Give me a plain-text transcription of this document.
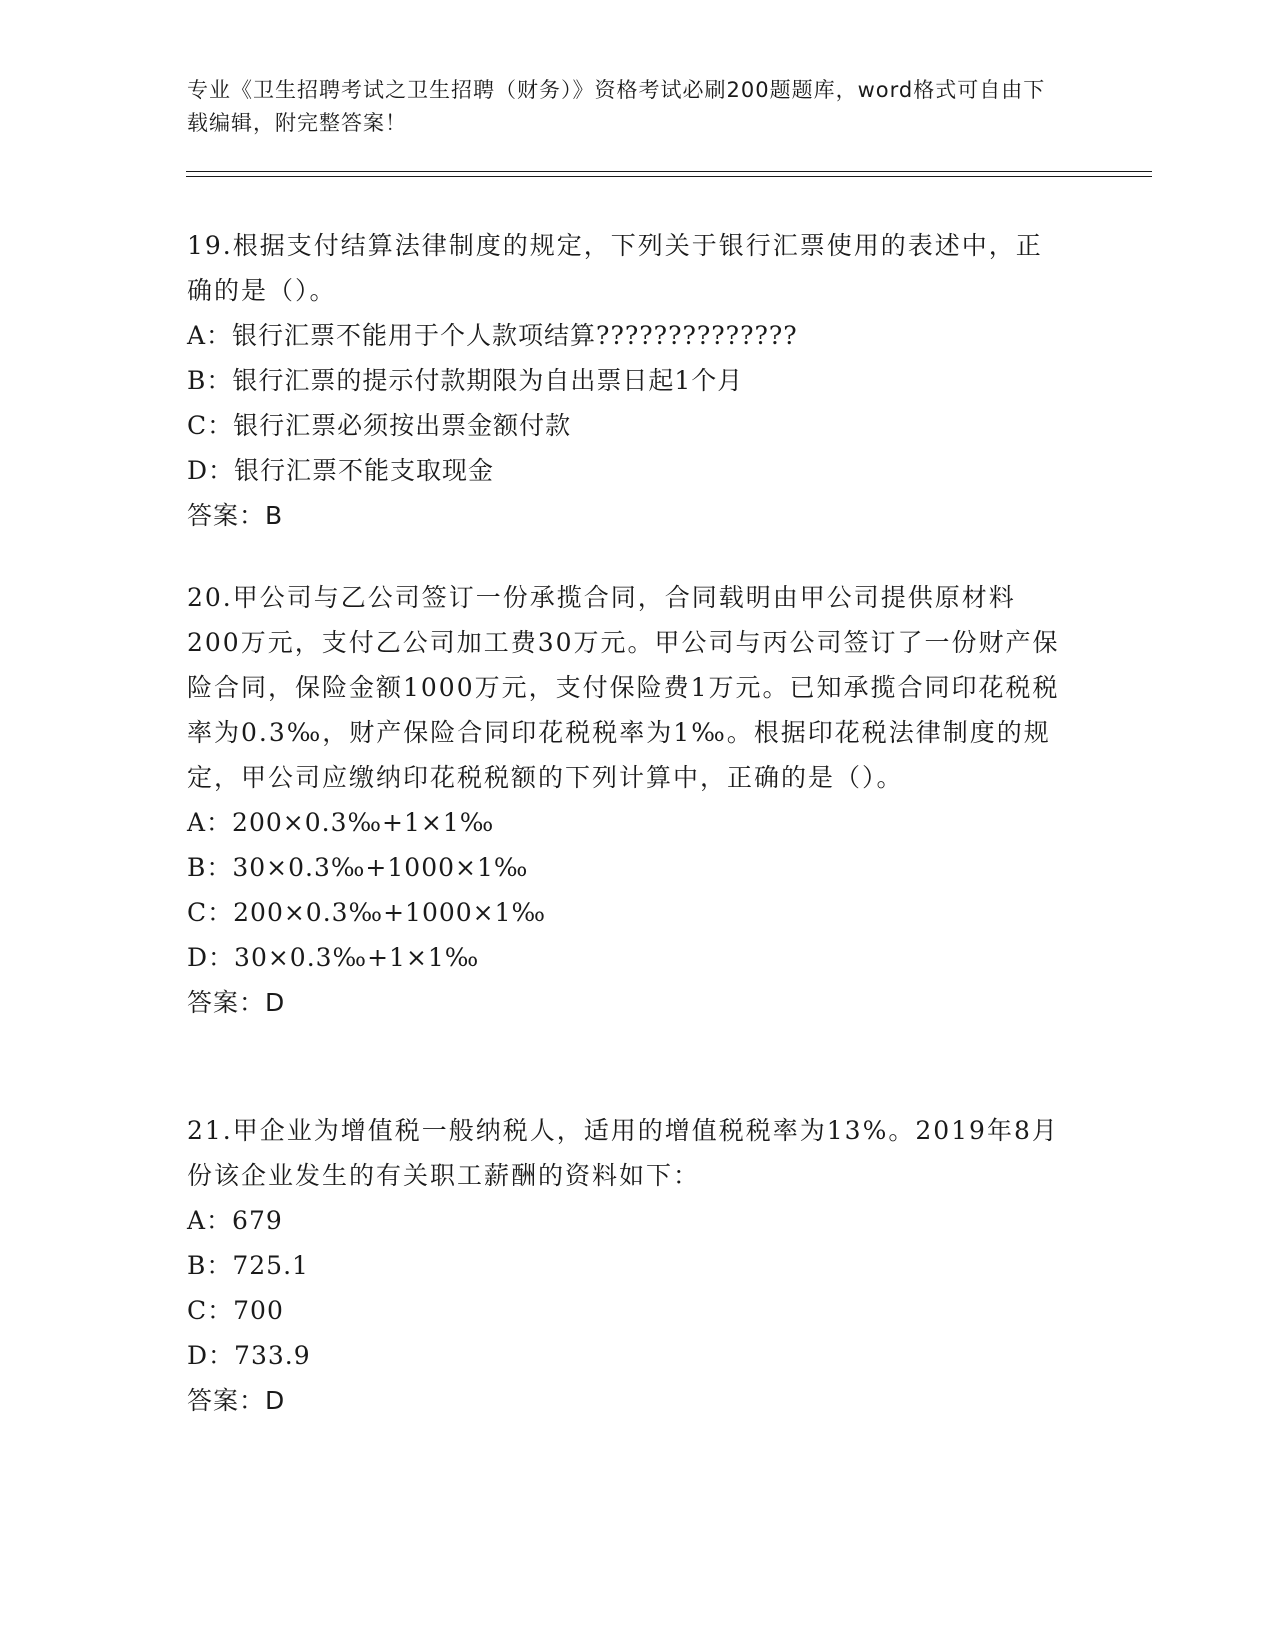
专业《卫生招聘考试之卫生招聘（财务）》资格考试必刷200题题库，word格式可自由下载编辑，附完整答案！

19.根据支付结算法律制度的规定，下列关于银行汇票使用的表述中，正确的是（）。

A：银行汇票不能用于个人款项结算??????????????

B：银行汇票的提示付款期限为自出票日起1个月

C：银行汇票必须按出票金额付款

D：银行汇票不能支取现金

答案：B

20.甲公司与乙公司签订一份承揽合同，合同载明由甲公司提供原材料200万元，支付乙公司加工费30万元。甲公司与丙公司签订了一份财产保险合同，保险金额1000万元，支付保险费1万元。已知承揽合同印花税税率为0.3‰，财产保险合同印花税税率为1‰。根据印花税法律制度的规定，甲公司应缴纳印花税税额的下列计算中，正确的是（）。

A：200×0.3‰+1×1‰

B：30×0.3‰+1000×1‰

C：200×0.3‰+1000×1‰

D：30×0.3‰+1×1‰

答案：D

21.甲企业为增值税一般纳税人，适用的增值税税率为13%。2019年8月份该企业发生的有关职工薪酬的资料如下：

A：679

B：725.1

C：700

D：733.9

答案：D
